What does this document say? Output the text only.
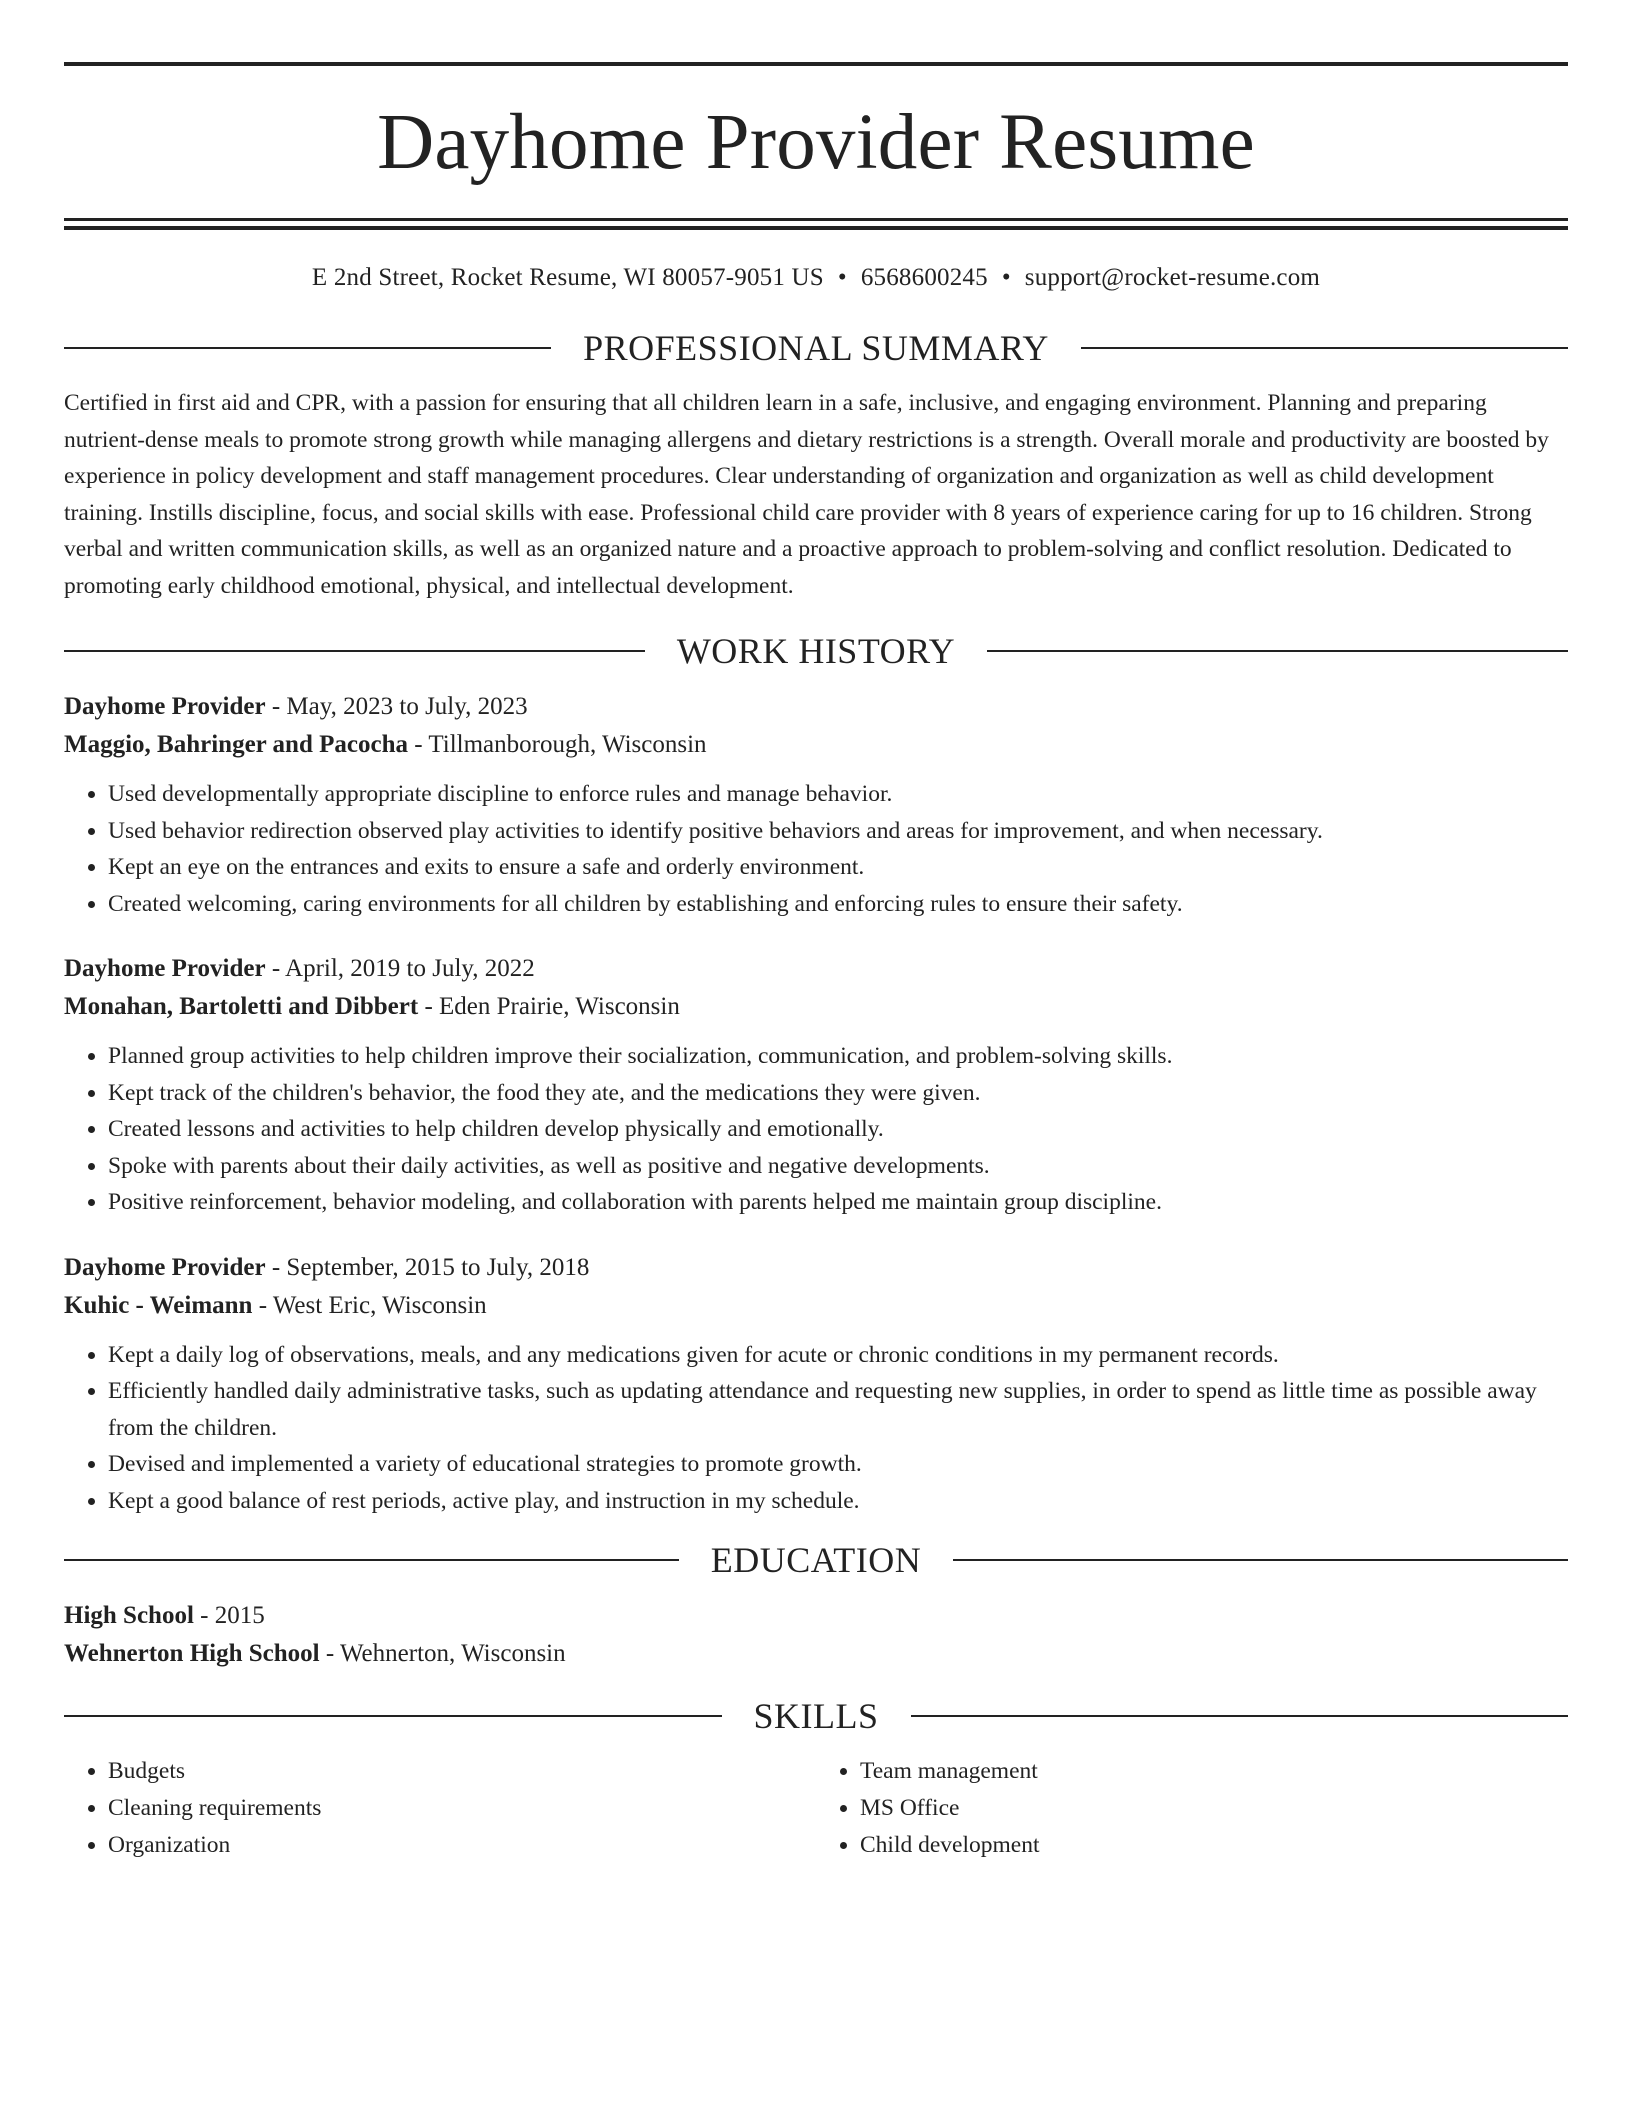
Dayhome Provider Resume
E 2nd Street, Rocket Resume, WI 80057-9051 US • 6568600245 • support@rocket-resume.com
PROFESSIONAL SUMMARY

Certified in first aid and CPR, with a passion for ensuring that all children learn in a safe, inclusive, and engaging environment. Planning and preparing nutrient-dense meals to promote strong growth while managing allergens and dietary restrictions is a strength. Overall morale and productivity are boosted by experience in policy development and staff management procedures. Clear understanding of organization and organization as well as child development training. Instills discipline, focus, and social skills with ease. Professional child care provider with 8 years of experience caring for up to 16 children. Strong verbal and written communication skills, as well as an organized nature and a proactive approach to problem-solving and conflict resolution. Dedicated to promoting early childhood emotional, physical, and intellectual development.

WORK HISTORY
Dayhome Provider - May, 2023 to July, 2023
Maggio, Bahringer and Pacocha - Tillmanborough, Wisconsin
• Used developmentally appropriate discipline to enforce rules and manage behavior.
• Used behavior redirection observed play activities to identify positive behaviors and areas for improvement, and when necessary.
• Kept an eye on the entrances and exits to ensure a safe and orderly environment.
• Created welcoming, caring environments for all children by establishing and enforcing rules to ensure their safety.
Dayhome Provider - April, 2019 to July, 2022
Monahan, Bartoletti and Dibbert - Eden Prairie, Wisconsin
• Planned group activities to help children improve their socialization, communication, and problem-solving skills.
• Kept track of the children's behavior, the food they ate, and the medications they were given.
• Created lessons and activities to help children develop physically and emotionally.
• Spoke with parents about their daily activities, as well as positive and negative developments.
• Positive reinforcement, behavior modeling, and collaboration with parents helped me maintain group discipline.
Dayhome Provider - September, 2015 to July, 2018
Kuhic - Weimann - West Eric, Wisconsin
• Kept a daily log of observations, meals, and any medications given for acute or chronic conditions in my permanent records.
• Efficiently handled daily administrative tasks, such as updating attendance and requesting new supplies, in order to spend as little time as possible away from the children.
• Devised and implemented a variety of educational strategies to promote growth.
• Kept a good balance of rest periods, active play, and instruction in my schedule.
EDUCATION
High School - 2015
Wehnerton High School - Wehnerton, Wisconsin
SKILLS
• Budgets
• Cleaning requirements
• Organization
• Team management
• MS Office
• Child development
